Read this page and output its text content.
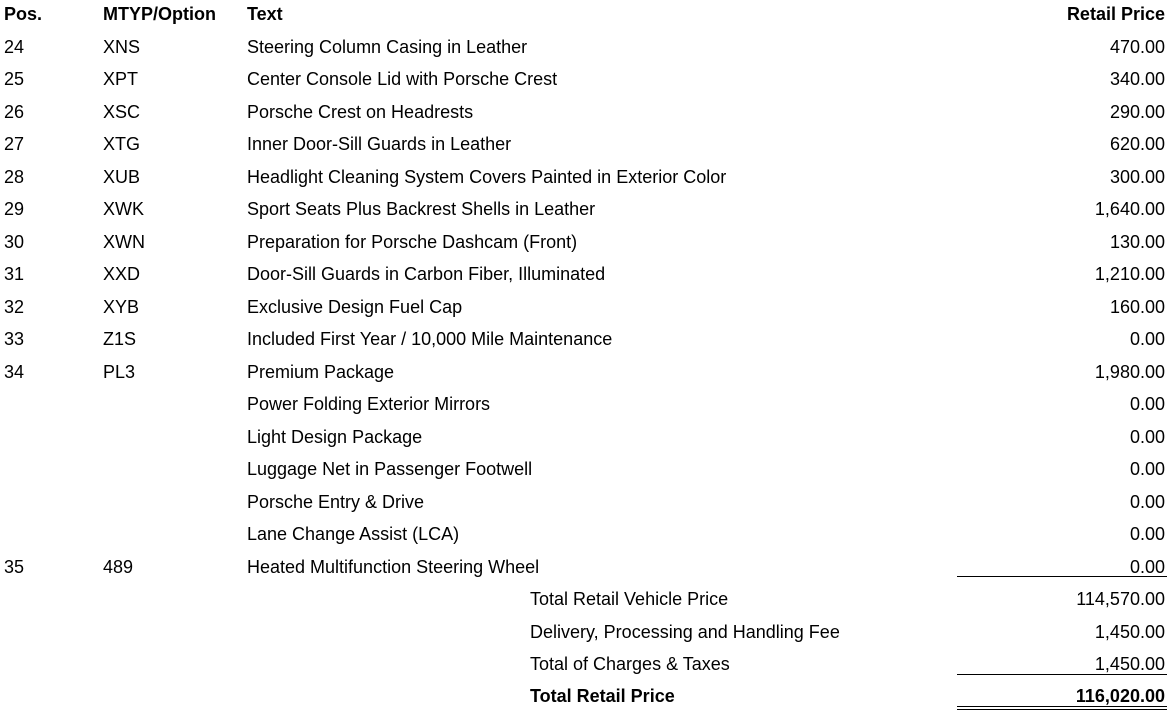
Pos.	MTYP/Option Text	Retail Price
24	XNS	Steering Column Casing in Leather	470.00
25	XPT	Center Console Lid with Porsche Crest	340.00
26	XSC	Porsche Crest on Headrests	290.00
27	XTG	Inner Door-Sill Guards in Leather	620.00
28	XUB	Headlight Cleaning System Covers Painted in Exterior Color	300.00
29	XWK	Sport Seats Plus Backrest Shells in Leather	1,640.00
30	XWN	Preparation for Porsche Dashcam (Front)	130.00
31	XXD	Door-Sill Guards in Carbon Fiber, Illuminated	1,210.00
32	XYB	Exclusive Design Fuel Cap	160.00
33	Z1S	Included First Year / 10,000 Mile Maintenance	0.00
34	PL3	Premium Package	1,980.00
Power Folding Exterior Mirrors	0.00
Light Design Package	0.00
Luggage Net in Passenger Footwell	0.00
Porsche Entry & Drive	0.00
Lane Change Assist (LCA)	0.00
35	489	Heated Multifunction Steering Wheel	0.00
Total Retail Vehicle Price	114,570.00
Delivery, Processing and Handling Fee	1,450.00
Total of Charges & Taxes	1,450.00
Total Retail Price	116,020.00
